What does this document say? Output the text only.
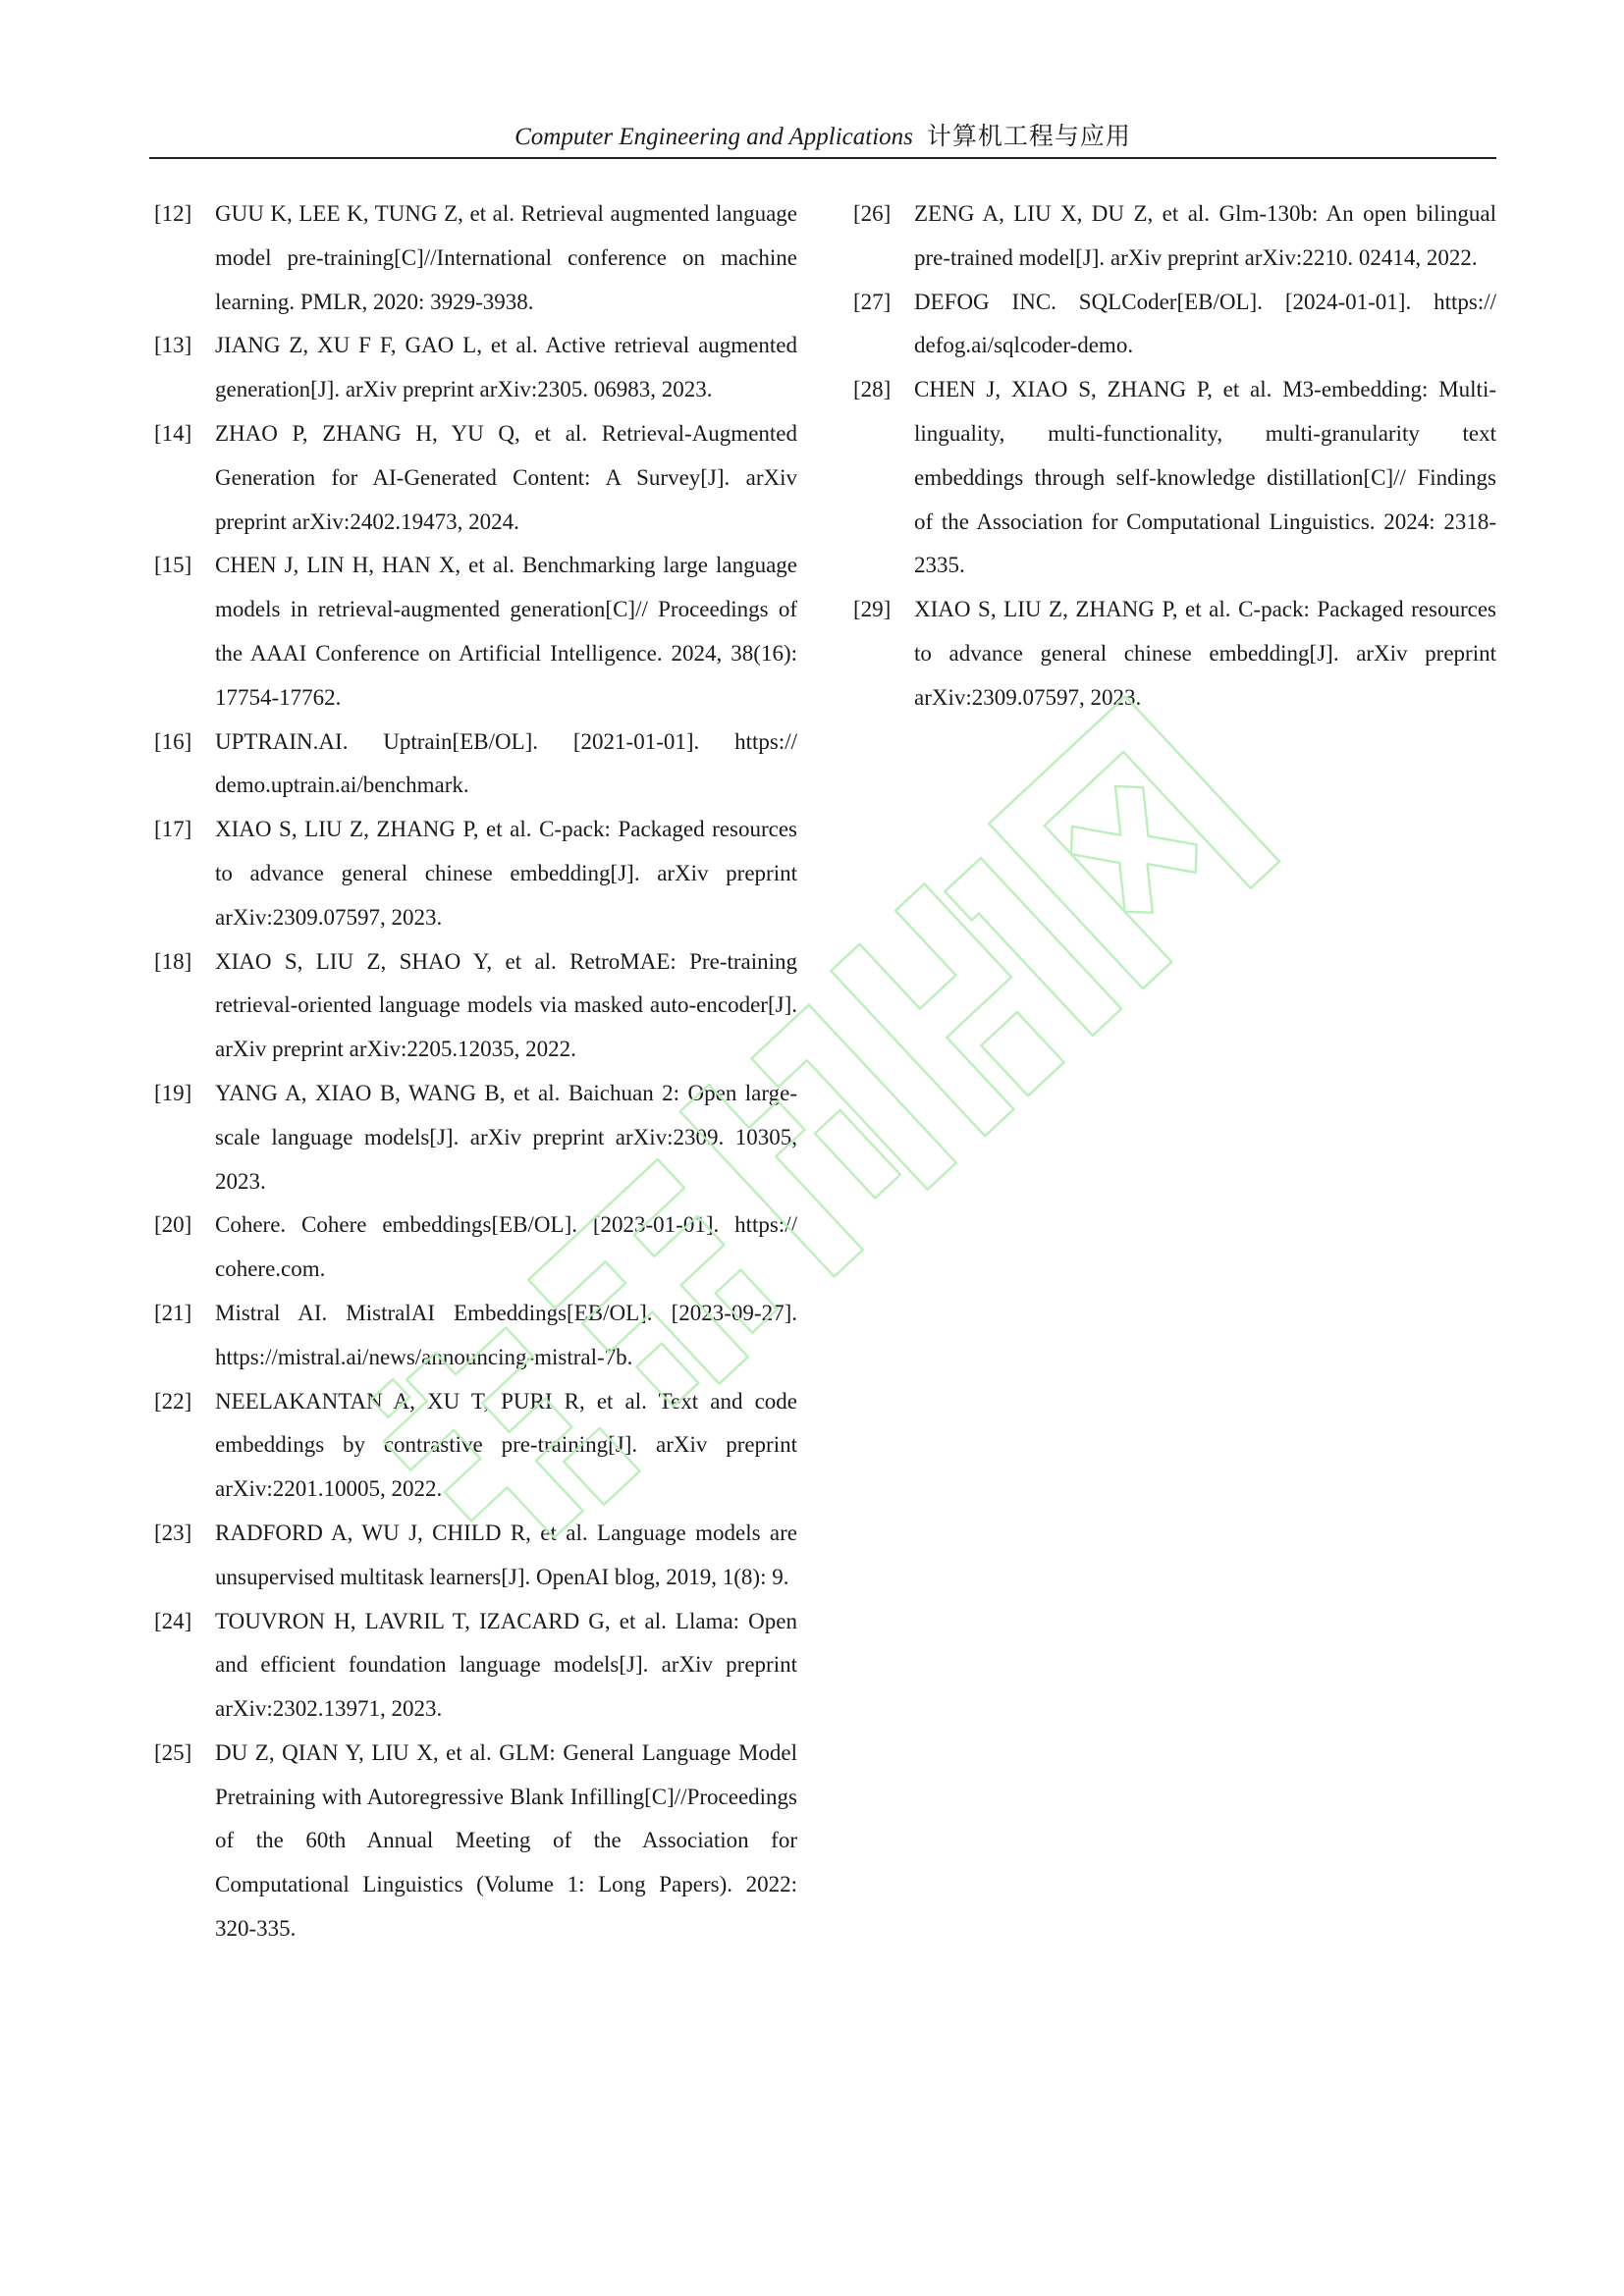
Computer Engineering and Applications 计算机工程与应用
[12] GUU K, LEE K, TUNG Z, et al. Retrieval augmented language model pre-training[C]//International conference on machine learning. PMLR, 2020: 3929-3938.
[13] JIANG Z, XU F F, GAO L, et al. Active retrieval augmented generation[J]. arXiv preprint arXiv:2305. 06983, 2023.
[14] ZHAO P, ZHANG H, YU Q, et al. Retrieval-Augmented Generation for AI-Generated Content: A Survey[J]. arXiv preprint arXiv:2402.19473, 2024.
[15] CHEN J, LIN H, HAN X, et al. Benchmarking large language models in retrieval-augmented generation[C]// Proceedings of the AAAI Conference on Artificial Intelligence. 2024, 38(16): 17754-17762.
[16] UPTRAIN.AI. Uptrain[EB/OL]. [2021-01-01]. https:// demo.uptrain.ai/benchmark.
[17] XIAO S, LIU Z, ZHANG P, et al. C-pack: Packaged resources to advance general chinese embedding[J]. arXiv preprint arXiv:2309.07597, 2023.
[18] XIAO S, LIU Z, SHAO Y, et al. RetroMAE: Pre-training retrieval-oriented language models via masked auto-encoder[J]. arXiv preprint arXiv:2205.12035, 2022.
[19] YANG A, XIAO B, WANG B, et al. Baichuan 2: Open large-scale language models[J]. arXiv preprint arXiv:2309. 10305, 2023.
[20] Cohere. Cohere embeddings[EB/OL]. [2023-01-01]. https:// cohere.com.
[21] Mistral AI. MistralAI Embeddings[EB/OL]. [2023-09-27]. https://mistral.ai/news/announcing-mistral-7b.
[22] NEELAKANTAN A, XU T, PURI R, et al. Text and code embeddings by contrastive pre-training[J]. arXiv preprint arXiv:2201.10005, 2022.
[23] RADFORD A, WU J, CHILD R, et al. Language models are unsupervised multitask learners[J]. OpenAI blog, 2019, 1(8): 9.
[24] TOUVRON H, LAVRIL T, IZACARD G, et al. Llama: Open and efficient foundation language models[J]. arXiv preprint arXiv:2302.13971, 2023.
[25] DU Z, QIAN Y, LIU X, et al. GLM: General Language Model Pretraining with Autoregressive Blank Infilling[C]//Proceedings of the 60th Annual Meeting of the Association for Computational Linguistics (Volume 1: Long Papers). 2022: 320-335.
[26] ZENG A, LIU X, DU Z, et al. Glm-130b: An open bilingual pre-trained model[J]. arXiv preprint arXiv:2210. 02414, 2022.
[27] DEFOG INC. SQLCoder[EB/OL]. [2024-01-01]. https:// defog.ai/sqlcoder-demo.
[28] CHEN J, XIAO S, ZHANG P, et al. M3-embedding: Multi-linguality, multi-functionality, multi-granularity text embeddings through self-knowledge distillation[C]// Findings of the Association for Computational Linguistics. 2024: 2318-2335.
[29] XIAO S, LIU Z, ZHANG P, et al. C-pack: Packaged resources to advance general chinese embedding[J]. arXiv preprint arXiv:2309.07597, 2023.
